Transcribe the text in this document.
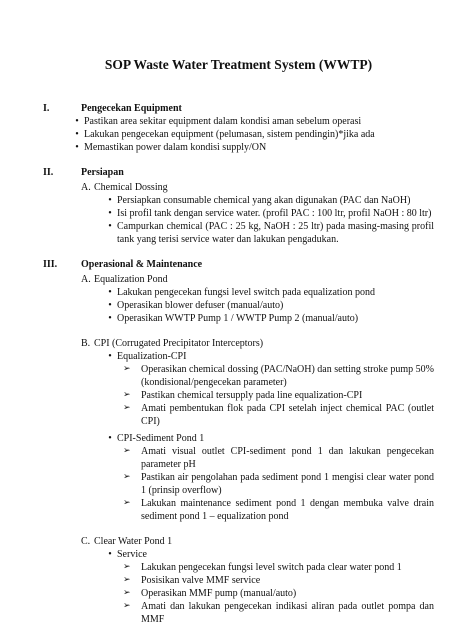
SOP Waste Water Treatment System (WWTP)
I.	Pengecekan Equipment
• Pastikan area sekitar equipment dalam kondisi aman sebelum operasi
• Lakukan pengecekan equipment (pelumasan, sistem pendingin)*jika ada
• Memastikan power dalam kondisi supply/ON
II.	Persiapan
A. Chemical Dossing
• Persiapkan consumable chemical yang akan digunakan (PAC dan NaOH)
• Isi profil tank dengan service water. (profil PAC : 100 ltr, profil NaOH : 80 ltr)
• Campurkan chemical (PAC : 25 kg, NaOH : 25 ltr) pada masing-masing profil tank yang terisi service water dan lakukan pengadukan.
III.	Operasional & Maintenance
A. Equalization Pond
• Lakukan pengecekan fungsi level switch pada equalization pond
• Operasikan blower defuser (manual/auto)
• Operasikan WWTP Pump 1 / WWTP Pump 2 (manual/auto)
B. CPI (Corrugated Precipitator Interceptors)
• Equalization-CPI
➢	Operasikan chemical dossing (PAC/NaOH) dan setting stroke pump 50% (kondisional/pengecekan parameter)
➢	Pastikan chemical tersupply pada line equalization-CPI
➢	Amati pembentukan flok pada CPI setelah inject chemical PAC (outlet CPI)
• CPI-Sediment Pond 1
➢	Amati visual outlet CPI-sediment pond 1 dan lakukan pengecekan parameter pH
➢	Pastikan air pengolahan pada sediment pond 1 mengisi clear water pond 1 (prinsip overflow)
➢	Lakukan maintenance sediment pond 1 dengan membuka valve drain sediment pond 1 – equalization pond
C. Clear Water Pond 1
• Service
➢	Lakukan pengecekan fungsi level switch pada clear water pond 1
➢	Posisikan valve MMF service
➢	Operasikan MMF pump (manual/auto)
➢	Amati dan lakukan pengecekan indikasi aliran pada outlet pompa dan MMF
